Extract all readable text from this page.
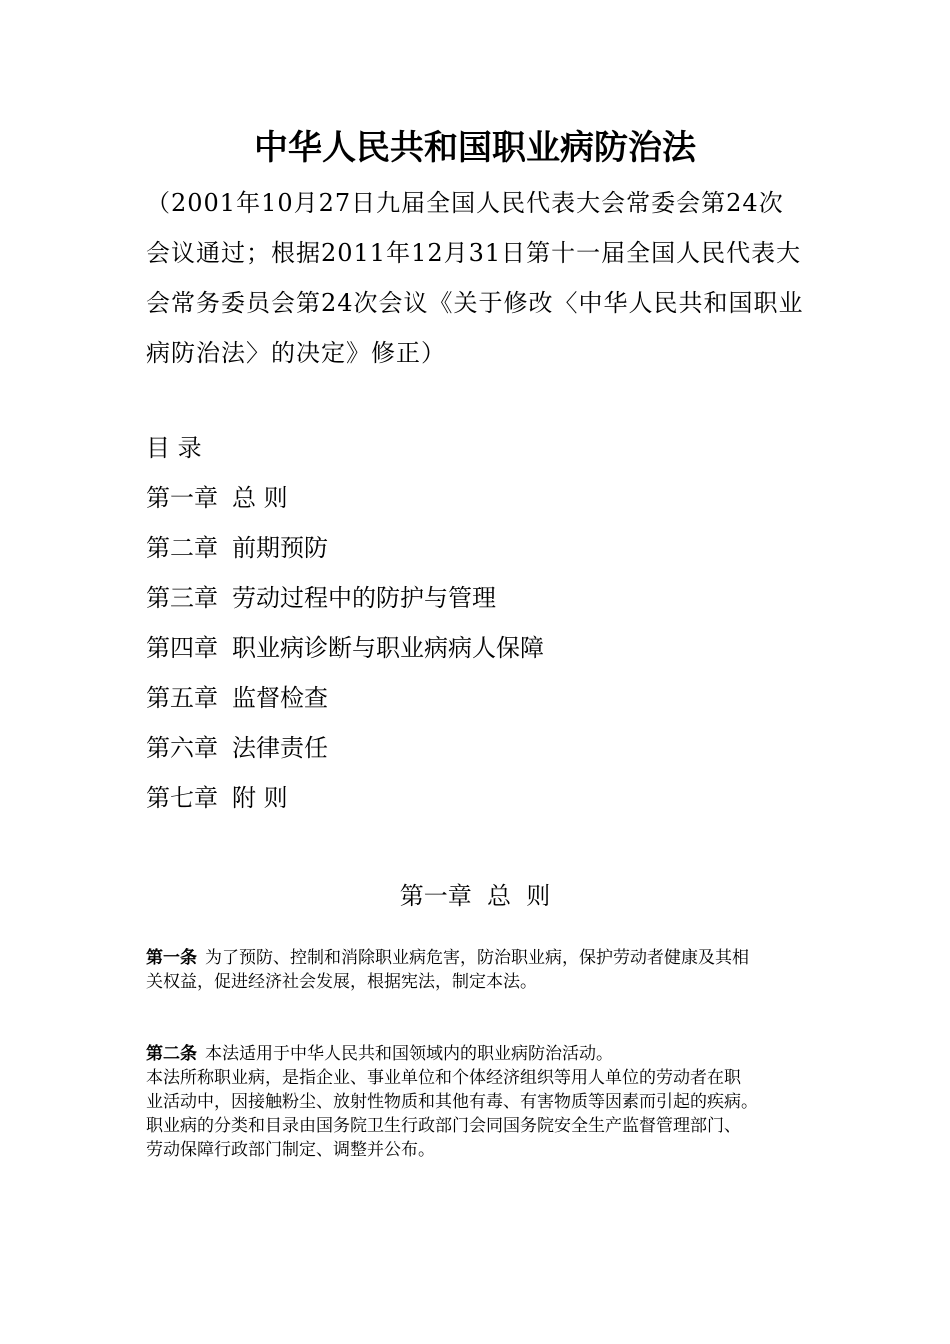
中华人民共和国职业病防治法
（2001年10月27日九届全国人民代表大会常委会第24次
会议通过；根据2011年12月31日第十一届全国人民代表大
会常务委员会第24次会议《关于修改〈中华人民共和国职业
病防治法〉的决定》修正）
目 录
第一章 总 则
第二章 前期预防
第三章 劳动过程中的防护与管理
第四章 职业病诊断与职业病病人保障
第五章 监督检查
第六章 法律责任
第七章 附 则
第一章  总  则
第一条 为了预防、控制和消除职业病危害，防治职业病，保护劳动者健康及其相
关权益，促进经济社会发展，根据宪法，制定本法。
第二条 本法适用于中华人民共和国领域内的职业病防治活动。
本法所称职业病，是指企业、事业单位和个体经济组织等用人单位的劳动者在职
业活动中，因接触粉尘、放射性物质和其他有毒、有害物质等因素而引起的疾病。
职业病的分类和目录由国务院卫生行政部门会同国务院安全生产监督管理部门、
劳动保障行政部门制定、调整并公布。
